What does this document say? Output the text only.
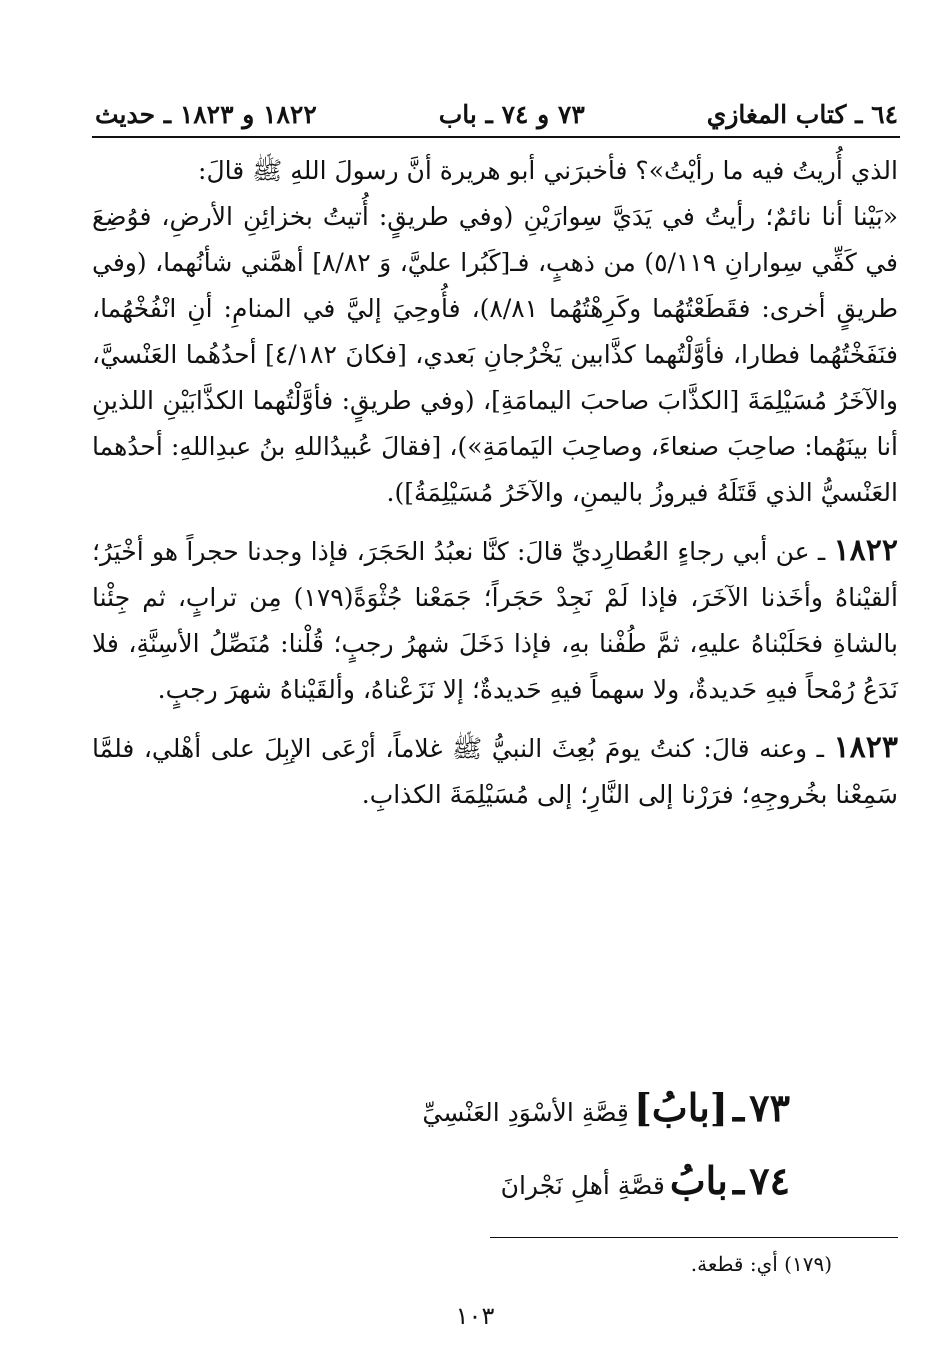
٦٤ ـ كتاب المغازي
٧٣ و ٧٤ ـ باب
١٨٢٢ و ١٨٢٣ ـ حديث

الذي أُريتُ فيه ما رأيْتُ»؟ فأخبرَني أبو هريرة أنَّ رسولَ اللهِ ﷺ قالَ:

«بَيْنا أنا نائمٌ؛ رأيتُ في يَدَيَّ سِوارَيْنِ (وفي طريقٍ: أُتيتُ بخزائِنِ الأرضِ، فوُضِعَ في كَفِّي سِوارانِ ٥/١١٩) من ذهبٍ، فـ[كَبُرا عليَّ، وَ ٨/٨٢] أهمَّني شأنُهما، (وفي طريقٍ أخرى: فقَطَعْتُهُما وكَرِهْتُهُما ٨/٨١)، فأُوحِيَ إليَّ في المنامِ: أنِ انْفُخْهُما، فنَفَخْتُهُما فطارا، فأوَّلْتُهما كذَّابين يَخْرُجانِ بَعدي، [فكانَ ٤/١٨٢] أحدُهُما العَنْسيَّ، والآخَرُ مُسَيْلِمَةَ [الكذَّابَ صاحبَ اليمامَةِ]، (وفي طريقٍ: فأوَّلْتُهما الكذَّابَيْنِ اللذينِ أنا بينَهُما: صاحِبَ صنعاءَ، وصاحِبَ اليَمامَةِ»)، [فقالَ عُبيدُاللهِ بنُ عبدِاللهِ: أحدُهما العَنْسيُّ الذي قَتَلَهُ فيروزُ باليمنِ، والآخَرُ مُسَيْلِمَةُ]).

١٨٢٢ ـ عن أبي رجاءٍ العُطارِديِّ قالَ: كنَّا نعبُدُ الحَجَرَ، فإذا وجدنا حجراً هو أخْيَرُ؛ ألقيْناهُ وأخَذنا الآخَرَ، فإذا لَمْ نَجِدْ حَجَراً؛ جَمَعْنا جُثْوَةً(١٧٩) مِن ترابٍ، ثم جِئْنا بالشاةِ فحَلَبْناهُ عليهِ، ثمَّ طُفْنا بهِ، فإذا دَخَلَ شهرُ رجبٍ؛ قُلْنا: مُنَصِّلُ الأسِنَّةِ، فلا نَدَعُ رُمْحاً فيهِ حَديدةٌ، ولا سهماً فيهِ حَديدةٌ؛ إلا نَزَعْناهُ، وألقَيْناهُ شهرَ رجبٍ.

١٨٢٣ ـ وعنه قالَ: كنتُ يومَ بُعِثَ النبيُّ ﷺ غلاماً، أرْعَى الإبِلَ على أهْلي، فلمَّا سَمِعْنا بخُروجِهِ؛ فرَرْنا إلى النَّارِ؛ إلى مُسَيْلِمَةَ الكذابِ.

٧٣ ـ [بابُ] قِصَّةِ الأسْوَدِ العَنْسِيِّ
٧٤ ـ بابُ قصَّةِ أهلِ نَجْرانَ
(١٧٩) أي: قطعة.
١٠٣
